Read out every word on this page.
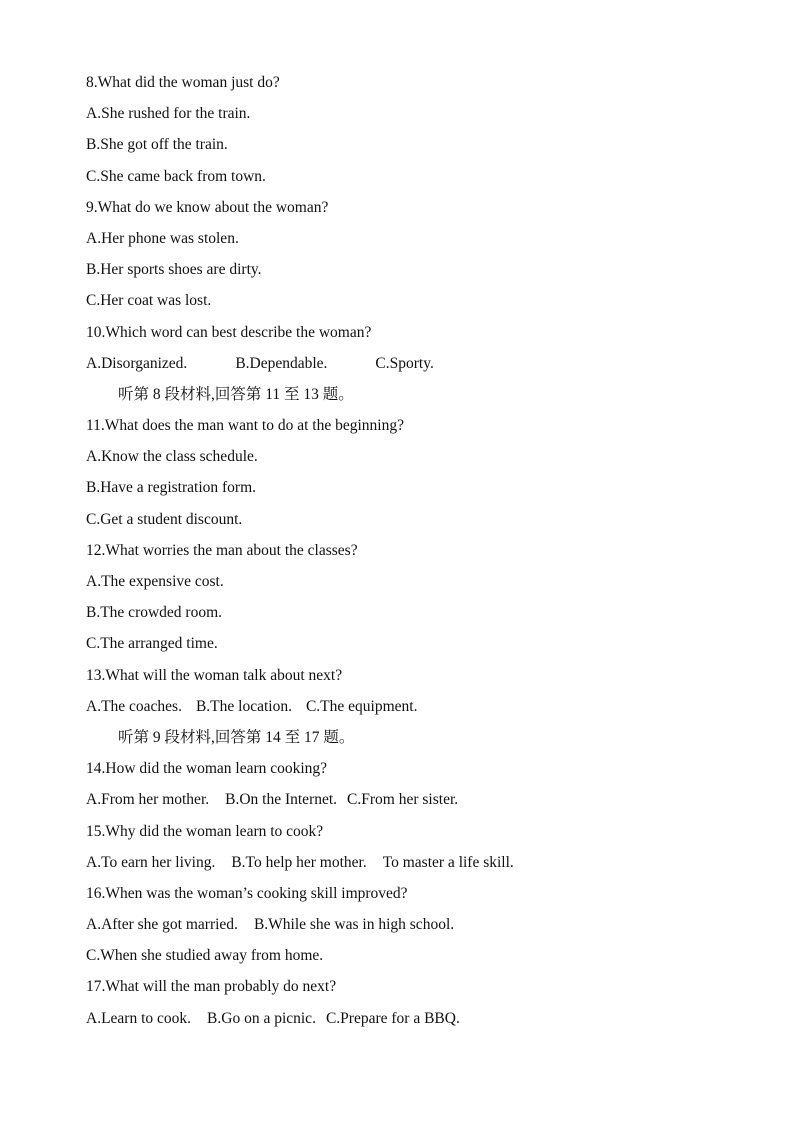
8.What did the woman just do?
A.She rushed for the train.
B.She got off the train.
C.She came back from town.
9.What do we know about the woman?
A.Her phone was stolen.
B.Her sports shoes are dirty.
C.Her coat was lost.
10.Which word can best describe the woman?
A.Disorganized.	B.Dependable.	C.Sporty.
听第 8 段材料,回答第 11 至 13 题。
11.What does the man want to do at the beginning?
A.Know the class schedule.
B.Have a registration form.
C.Get a student discount.
12.What worries the man about the classes?
A.The expensive cost.
B.The crowded room.
C.The arranged time.
13.What will the woman talk about next?
A.The coaches. B.The location. C.The equipment.
听第 9 段材料,回答第 14 至 17 题。
14.How did the woman learn cooking?
A.From her mother. B.On the Internet. C.From her sister.
15.Why did the woman learn to cook?
A.To earn her living. B.To help her mother. To master a life skill.
16.When was the woman’s cooking skill improved?
A.After she got married. B.While she was in high school.
C.When she studied away from home.
17.What will the man probably do next?
A.Learn to cook. B.Go on a picnic. C.Prepare for a BBQ.
